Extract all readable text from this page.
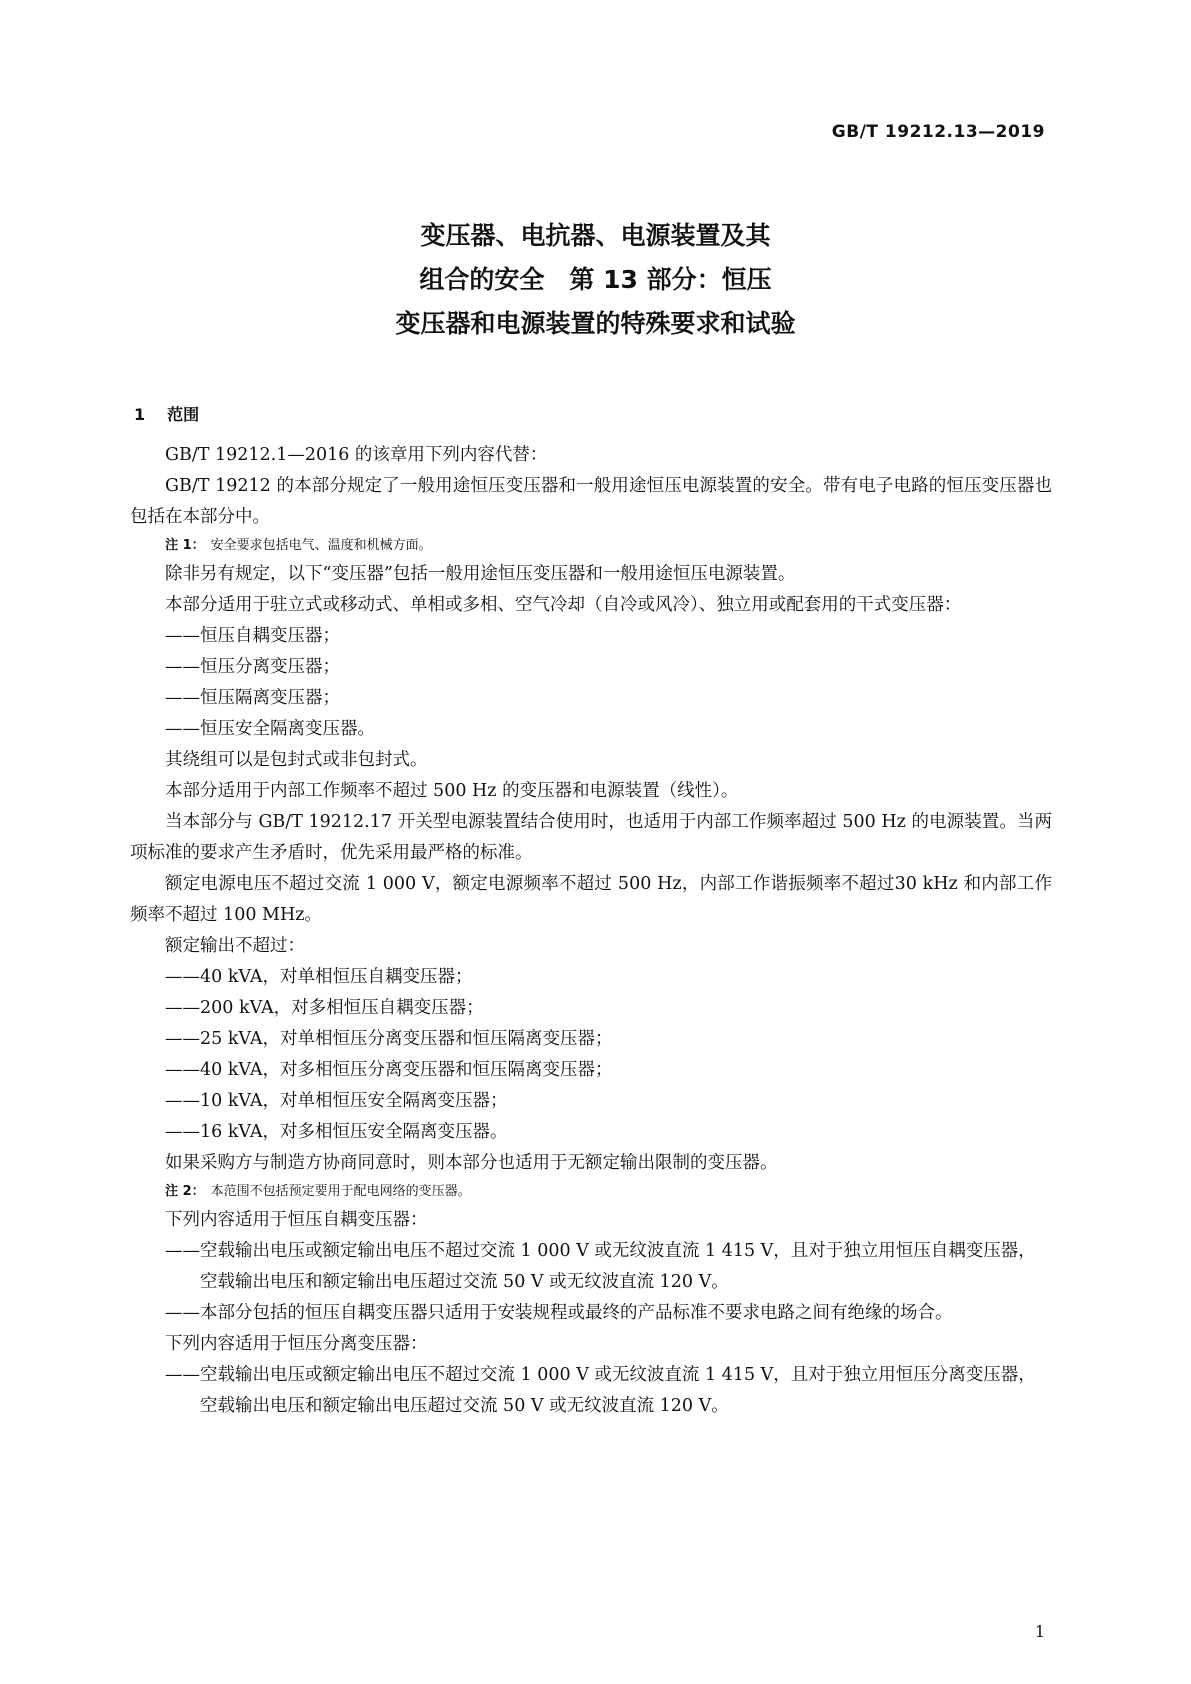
GB/T 19212.13—2019
变压器、电抗器、电源装置及其
组合的安全　第 13 部分：恒压
变压器和电源装置的特殊要求和试验
1 范围

GB/T 19212.1—2016 的该章用下列内容代替：

GB/T 19212 的本部分规定了一般用途恒压变压器和一般用途恒压电源装置的安全。带有电子电路的恒压变压器也包括在本部分中。

注 1： 安全要求包括电气、温度和机械方面。

除非另有规定，以下“变压器”包括一般用途恒压变压器和一般用途恒压电源装置。

本部分适用于驻立式或移动式、单相或多相、空气冷却（自冷或风冷）、独立用或配套用的干式变压器：

——恒压自耦变压器；

——恒压分离变压器；

——恒压隔离变压器；

——恒压安全隔离变压器。

其绕组可以是包封式或非包封式。

本部分适用于内部工作频率不超过 500 Hz 的变压器和电源装置（线性）。

当本部分与 GB/T 19212.17 开关型电源装置结合使用时，也适用于内部工作频率超过 500 Hz 的电源装置。当两项标准的要求产生矛盾时，优先采用最严格的标准。

额定电源电压不超过交流 1 000 V，额定电源频率不超过 500 Hz，内部工作谐振频率不超过30 kHz 和内部工作频率不超过 100 MHz。

额定输出不超过：

——40 kVA，对单相恒压自耦变压器；

——200 kVA，对多相恒压自耦变压器；

——25 kVA，对单相恒压分离变压器和恒压隔离变压器；

——40 kVA，对多相恒压分离变压器和恒压隔离变压器；

——10 kVA，对单相恒压安全隔离变压器；

——16 kVA，对多相恒压安全隔离变压器。

如果采购方与制造方协商同意时，则本部分也适用于无额定输出限制的变压器。

注 2： 本范围不包括预定要用于配电网络的变压器。

下列内容适用于恒压自耦变压器：

——空载输出电压或额定输出电压不超过交流 1 000 V 或无纹波直流 1 415 V，且对于独立用恒压自耦变压器，空载输出电压和额定输出电压超过交流 50 V 或无纹波直流 120 V。

——本部分包括的恒压自耦变压器只适用于安装规程或最终的产品标准不要求电路之间有绝缘的场合。

下列内容适用于恒压分离变压器：

——空载输出电压或额定输出电压不超过交流 1 000 V 或无纹波直流 1 415 V，且对于独立用恒压分离变压器，空载输出电压和额定输出电压超过交流 50 V 或无纹波直流 120 V。

1
